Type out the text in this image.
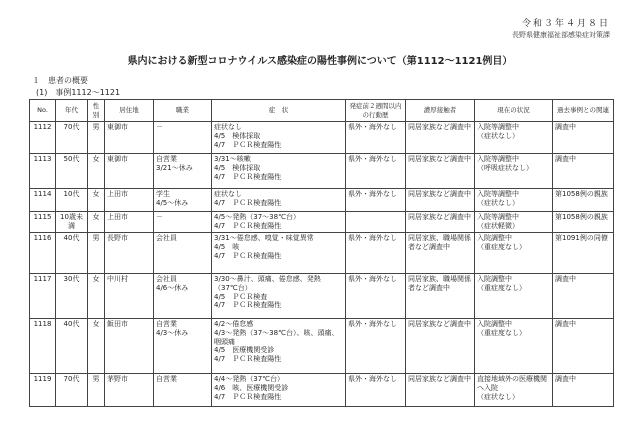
令和３年４月８日
長野県健康福祉部感染症対策課
県内における新型コロナウイルス感染症の陽性事例について（第1112～1121例目）
１　患者の概要
(1)　事例1112～1121
No.	年代	性別	居住地	職業	症　状	発症前２週間以内の行動歴	濃厚接触者	現在の状況	過去事例との関連
1112	70代	男	東御市	－	症状なし
4/5　検体採取
4/7　ＰＣＲ検査陽性	県外・海外なし	同居家族など調査中	入院等調整中
（症状なし）	調査中
1113	50代	女	東御市	自営業
3/21～休み	3/31～咳嗽
4/5　検体採取
4/7　ＰＣＲ検査陽性	県外・海外なし	同居家族など調査中	入院等調整中
（呼吸症状なし）	調査中
1114	10代	女	上田市	学生
4/5～休み	症状なし
4/7　ＰＣＲ検査陽性	県外・海外なし	同居家族など調査中	入院等調整中
（症状なし）	第1058例の親族
1115	10歳未満	女	上田市	－	4/5～発熱（37～38℃台）
4/7　ＰＣＲ検査陽性		同居家族など調査中	入院等調整中
（症状軽微）	第1058例の親族
1116	40代	男	長野市	会社員	3/31～倦怠感、嗅覚・味覚異常
4/5　咳
4/7　ＰＣＲ検査陽性	県外・海外なし	同居家族、職場関係者など調査中	入院調整中
（重症度なし）	第1091例の同僚
1117	30代	女	中川村	会社員
4/6～休み	3/30～鼻汁、頭痛、倦怠感、発熱（37℃台）
4/5　ＰＣＲ検査
4/7　ＰＣＲ検査陽性	県外・海外なし	同居家族、職場関係者など調査中	入院調整中
（重症度なし）	調査中
1118	40代	女	飯田市	自営業
4/3～休み	4/2～倦怠感
4/3～発熱（37～38℃台）、咳、頭痛、咽頭痛
4/5　医療機関受診
4/7　ＰＣＲ検査陽性	県外・海外なし	同居家族など調査中	入院調整中
（重症度なし）	調査中
1119	70代	男	茅野市	自営業	4/4～発熱（37℃台）
4/6　咳、医療機関受診
4/7　ＰＣＲ検査陽性	県外・海外なし	同居家族など調査中	直接地域外の医療機関へ入院
（症状なし）	調査中
